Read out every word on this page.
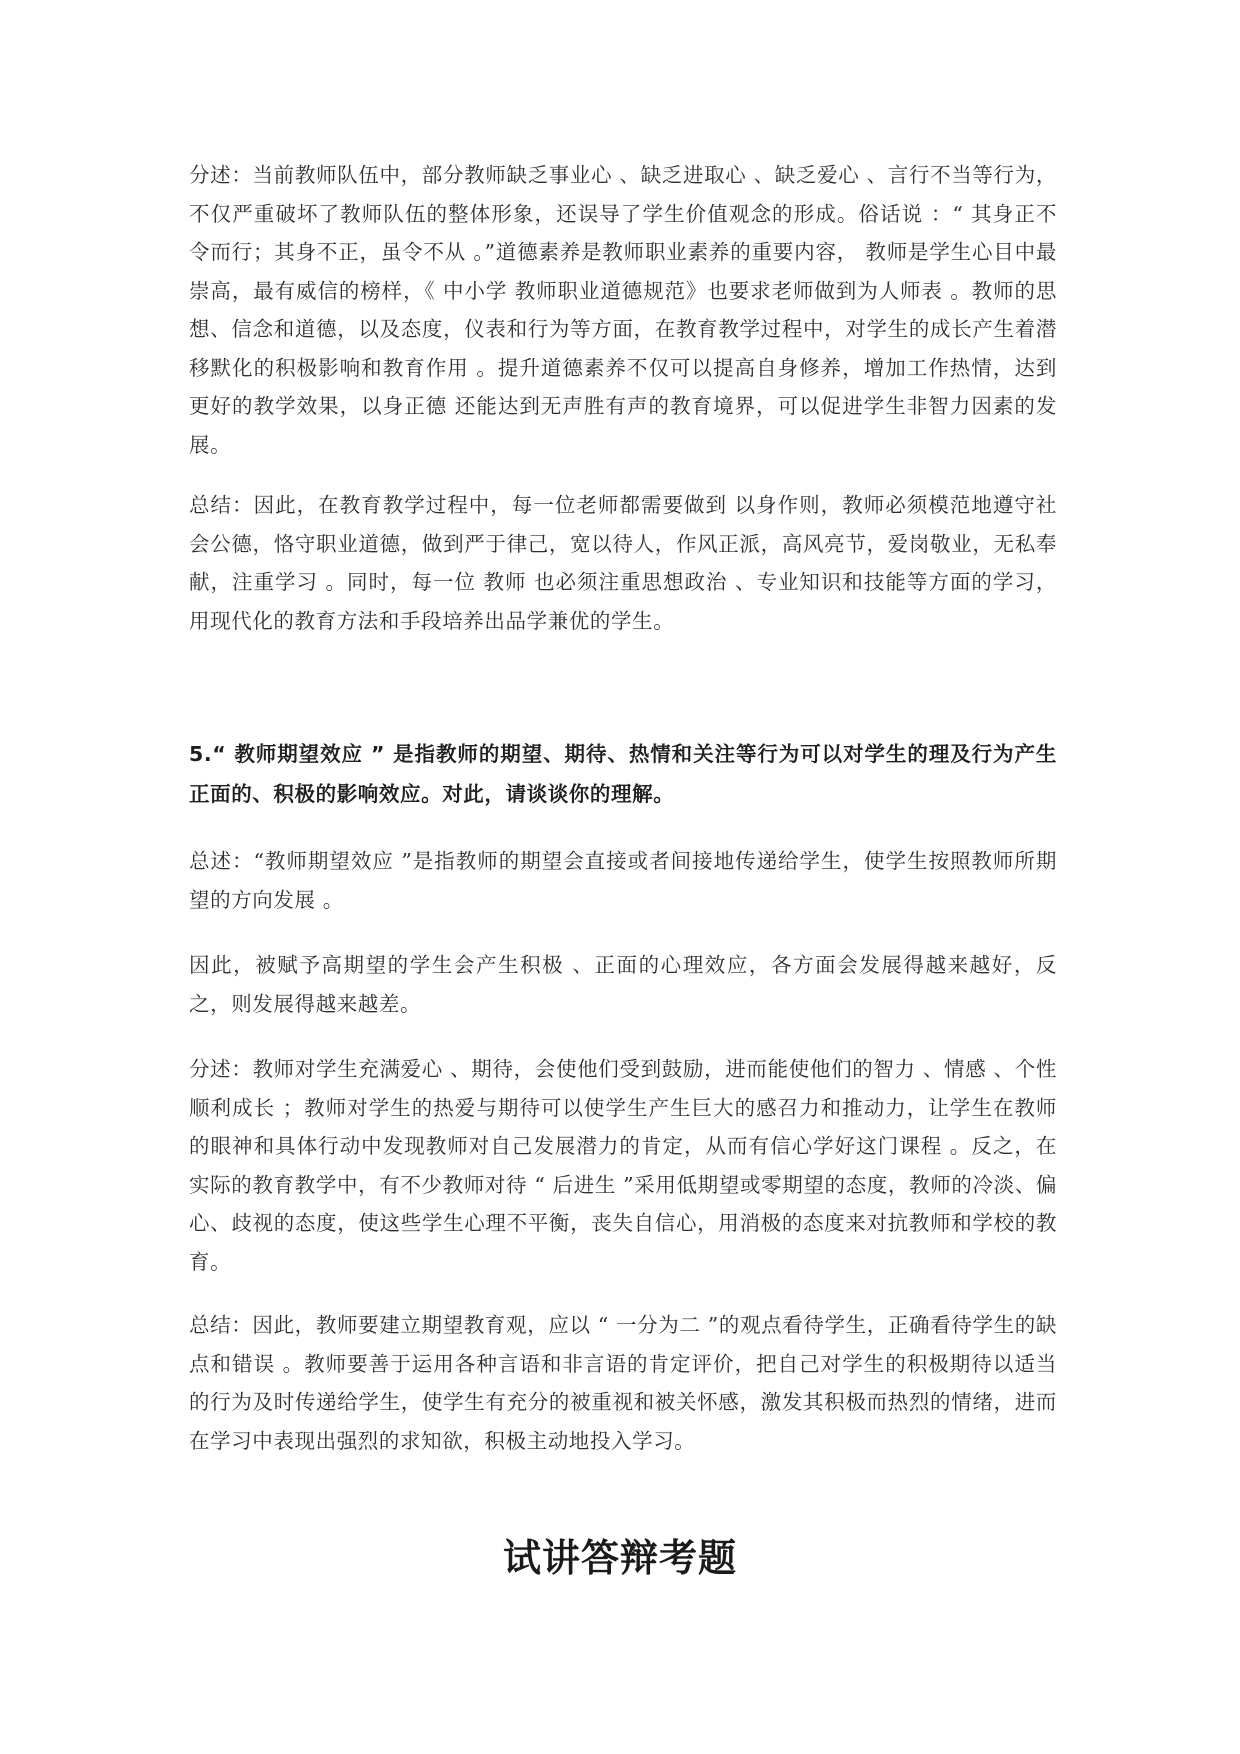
分述：当前教师队伍中，部分教师缺乏事业心 、缺乏进取心 、缺乏爱心 、言行不当等行为，不仅严重破坏了教师队伍的整体形象，还误导了学生价值观念的形成。俗话说 ：“ 其身正不令而行；其身不正，虽令不从 。”道德素养是教师职业素养的重要内容， 教师是学生心目中最崇高，最有威信的榜样，《 中小学 教师职业道德规范》也要求老师做到为人师表 。教师的思想、信念和道德，以及态度，仪表和行为等方面，在教育教学过程中，对学生的成长产生着潜移默化的积极影响和教育作用 。提升道德素养不仅可以提高自身修养，增加工作热情，达到更好的教学效果，以身正德 还能达到无声胜有声的教育境界，可以促进学生非智力因素的发展。

总结：因此，在教育教学过程中，每一位老师都需要做到 以身作则，教师必须模范地遵守社会公德，恪守职业道德，做到严于律己，宽以待人，作风正派，高风亮节，爱岗敬业，无私奉献，注重学习 。同时，每一位 教师 也必须注重思想政治 、专业知识和技能等方面的学习，用现代化的教育方法和手段培养出品学兼优的学生。

5.“ 教师期望效应 ” 是指教师的期望、期待、热情和关注等行为可以对学生的理及行为产生正面的、积极的影响效应。对此，请谈谈你的理解。

总述：“教师期望效应 ”是指教师的期望会直接或者间接地传递给学生，使学生按照教师所期望的方向发展 。

因此，被赋予高期望的学生会产生积极 、正面的心理效应，各方面会发展得越来越好，反之，则发展得越来越差。

分述：教师对学生充满爱心 、期待，会使他们受到鼓励，进而能使他们的智力 、情感 、个性顺利成长 ；教师对学生的热爱与期待可以使学生产生巨大的感召力和推动力，让学生在教师的眼神和具体行动中发现教师对自己发展潜力的肯定，从而有信心学好这门课程 。反之，在实际的教育教学中，有不少教师对待 “ 后进生 ”采用低期望或零期望的态度，教师的冷淡、偏心、歧视的态度，使这些学生心理不平衡，丧失自信心，用消极的态度来对抗教师和学校的教育。

总结：因此，教师要建立期望教育观，应以 “ 一分为二 ”的观点看待学生，正确看待学生的缺点和错误 。教师要善于运用各种言语和非言语的肯定评价，把自己对学生的积极期待以适当的行为及时传递给学生，使学生有充分的被重视和被关怀感，激发其积极而热烈的情绪，进而在学习中表现出强烈的求知欲，积极主动地投入学习。

试讲答辩考题
